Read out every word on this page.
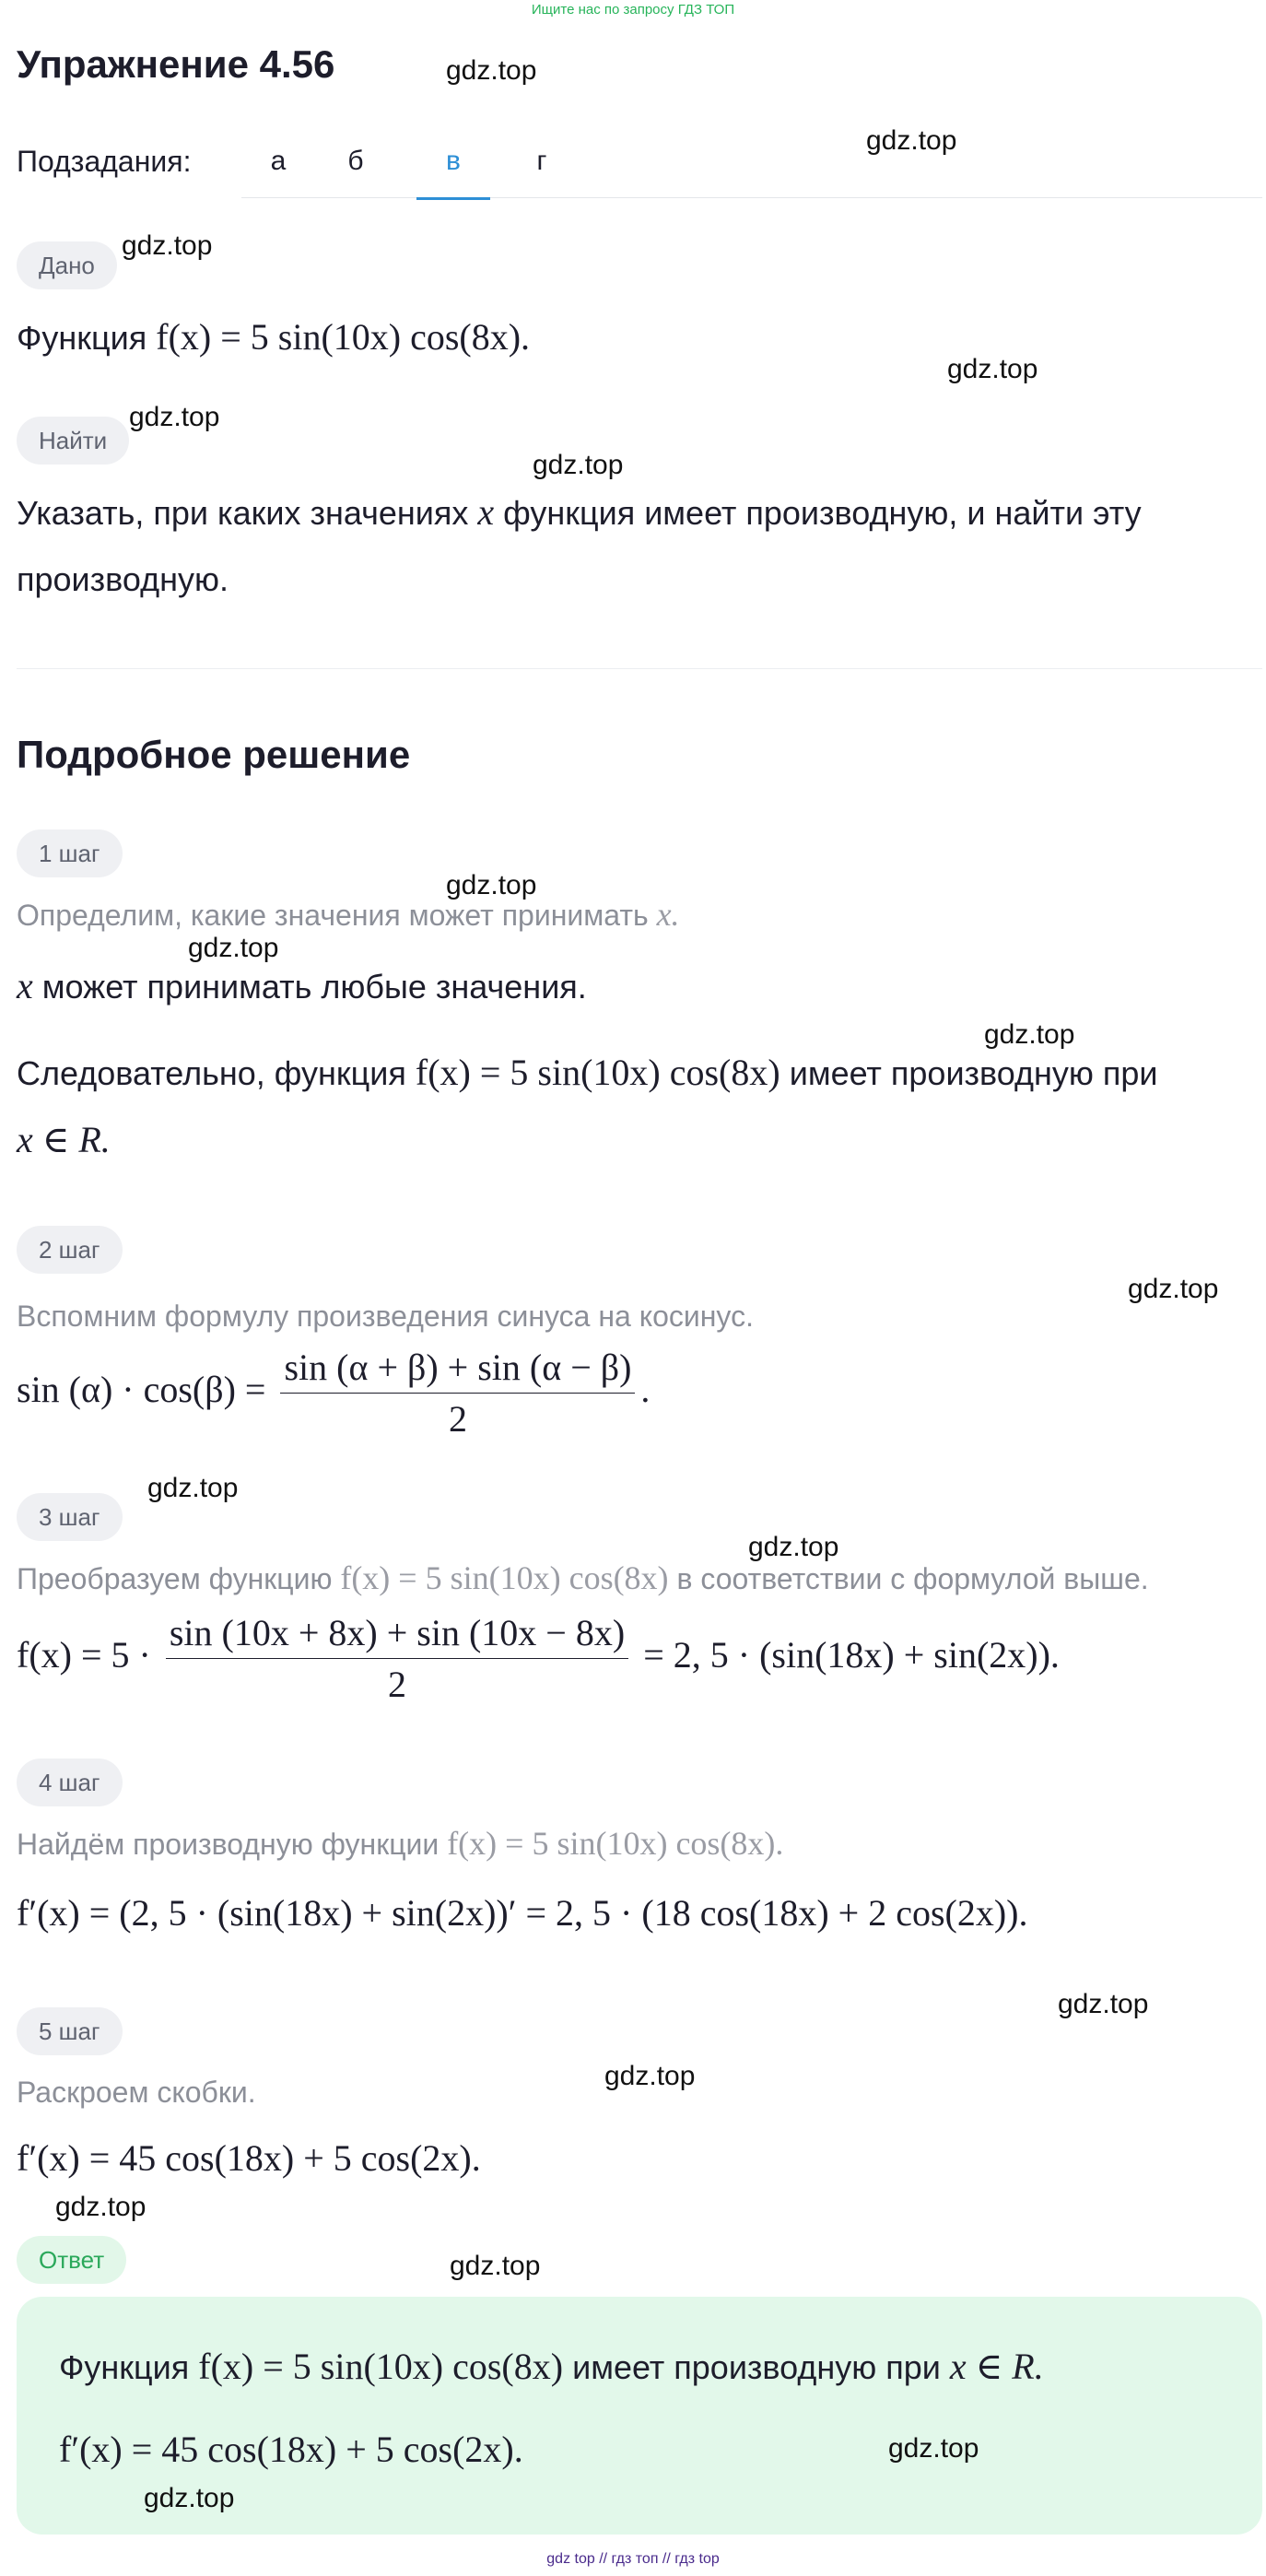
Ищите нас по запросу ГДЗ ТОП
Упражнение 4.56
Подзадания:	а	б	в	г
Дано
Функция f(x) = 5 sin(10x) cos(8x).
Найти
Указать, при каких значениях x функция имеет производную, и найти эту
производную.
Подробное решение
1 шаг
Определим, какие значения может принимать x.
x может принимать любые значения.
Следовательно, функция f(x) = 5 sin(10x) cos(8x) имеет производную при
x ∈ R.
2 шаг
Вспомним формулу произведения синуса на косинус.
$\sin (\alpha) \cdot \cos(\beta) = \frac{\sin (\alpha + \beta) + \sin (\alpha - \beta)}{2}$ .
3 шаг
Преобразуем функцию f(x) = 5 sin(10x) cos(8x) в соответствии с формулой выше.
$f(x) = 5 \cdot \frac{\sin (10x + 8x) + \sin (10x - 8x)}{2} = 2$, 5 · (sin(18x) + sin(2x)).
4 шаг
Найдём производную функции f(x) = 5 sin(10x) cos(8x).
f′(x) = (2, 5 · (sin(18x) + sin(2x))′ = 2, 5 · (18 cos(18x) + 2 cos(2x)).
5 шаг
Раскроем скобки.
f′(x) = 45 cos(18x) + 5 cos(2x).
Ответ
Функция f(x) = 5 sin(10x) cos(8x) имеет производную при x ∈ R.
f′(x) = 45 cos(18x) + 5 cos(2x).
gdz.top
gdz.top
gdz.top
gdz.top
gdz.top
gdz.top
gdz.top
gdz.top
gdz.top
gdz.top
gdz.top
gdz.top
gdz.top
gdz.top
gdz.top
gdz.top
gdz.top
gdz.top
gdz top // гдз топ // гдз top
